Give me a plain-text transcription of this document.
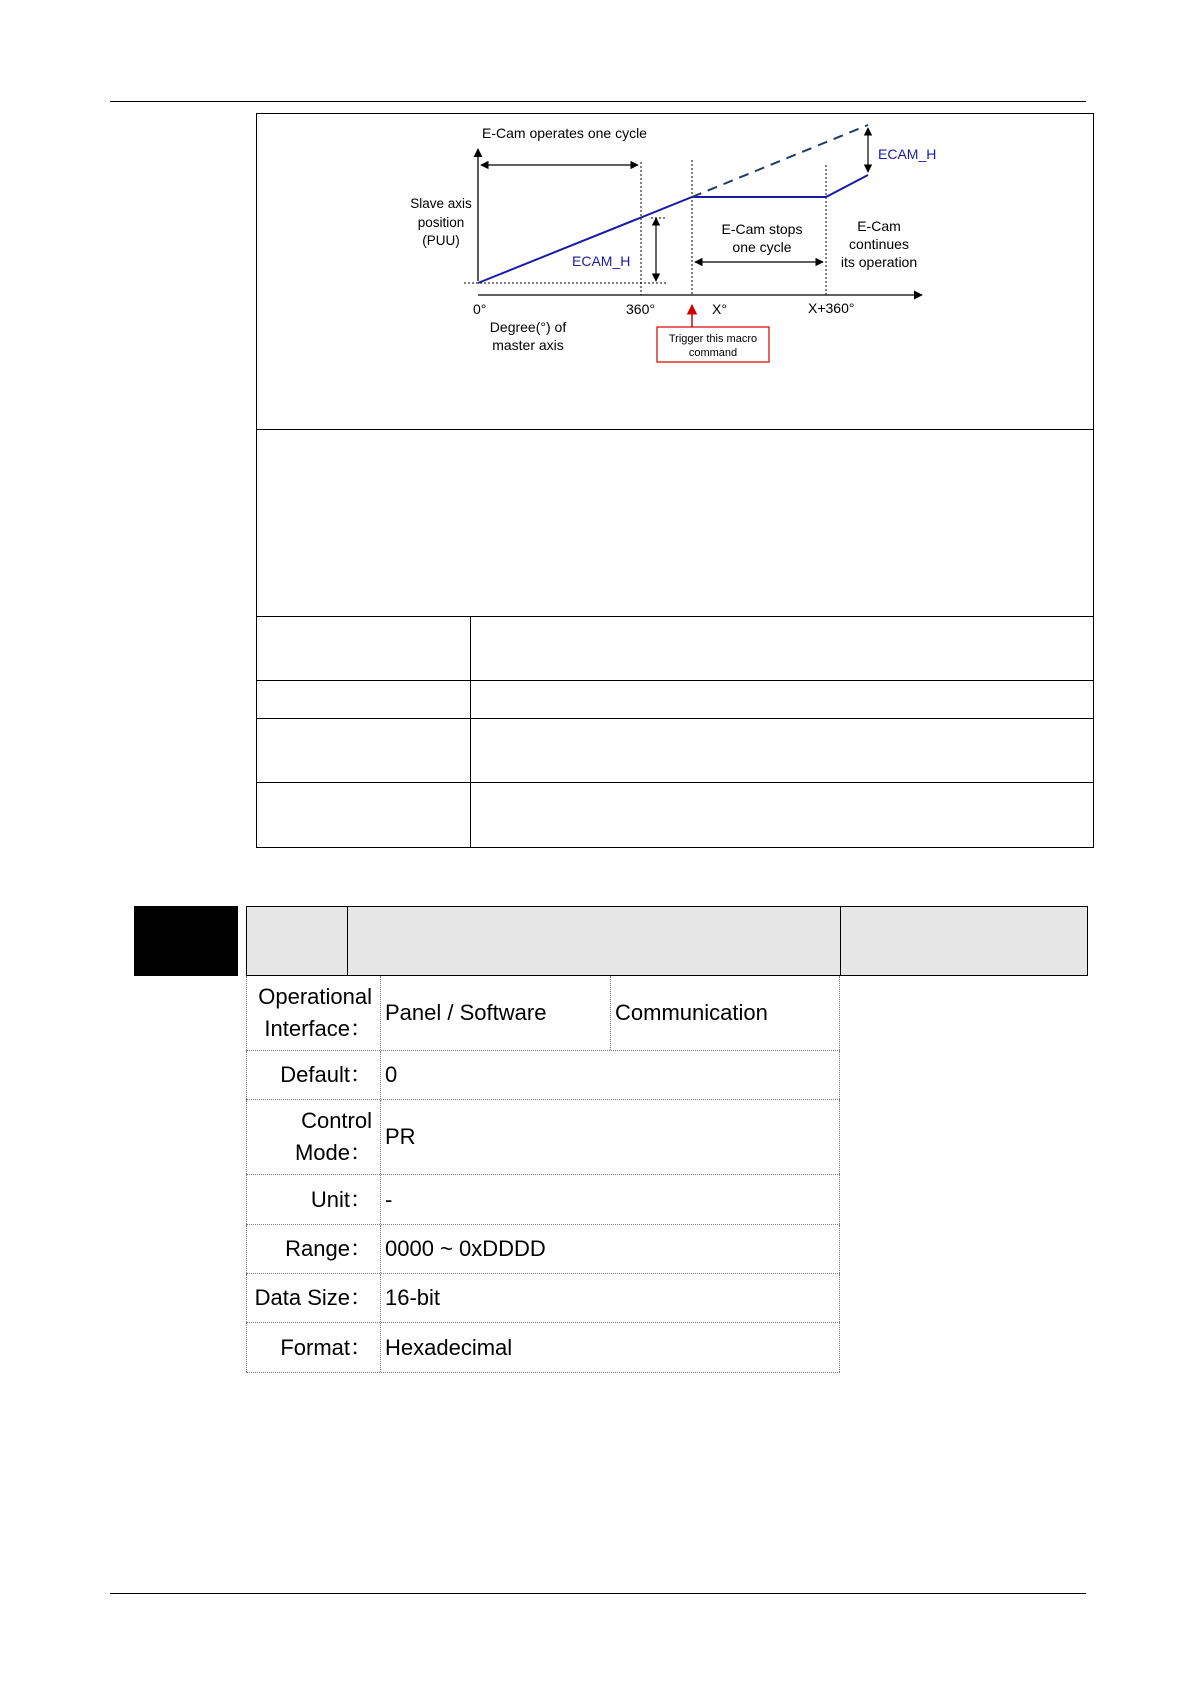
E-Cam operates one cycle
Slave axis
position
(PUU)
0°	360°	X°	X+360°
Degree(°) of
master axis
ECAM_H
ECAM_H
E-Cam stops
one cycle
E-Cam
continues
its operation
Trigger this macro
command
Operational
Interface：
Panel / Software	Communication
Default： 0
Control
Mode：
PR
Unit： -
Range： 0000 ~ 0xDDDD
Data Size： 16-bit
Format： Hexadecimal
